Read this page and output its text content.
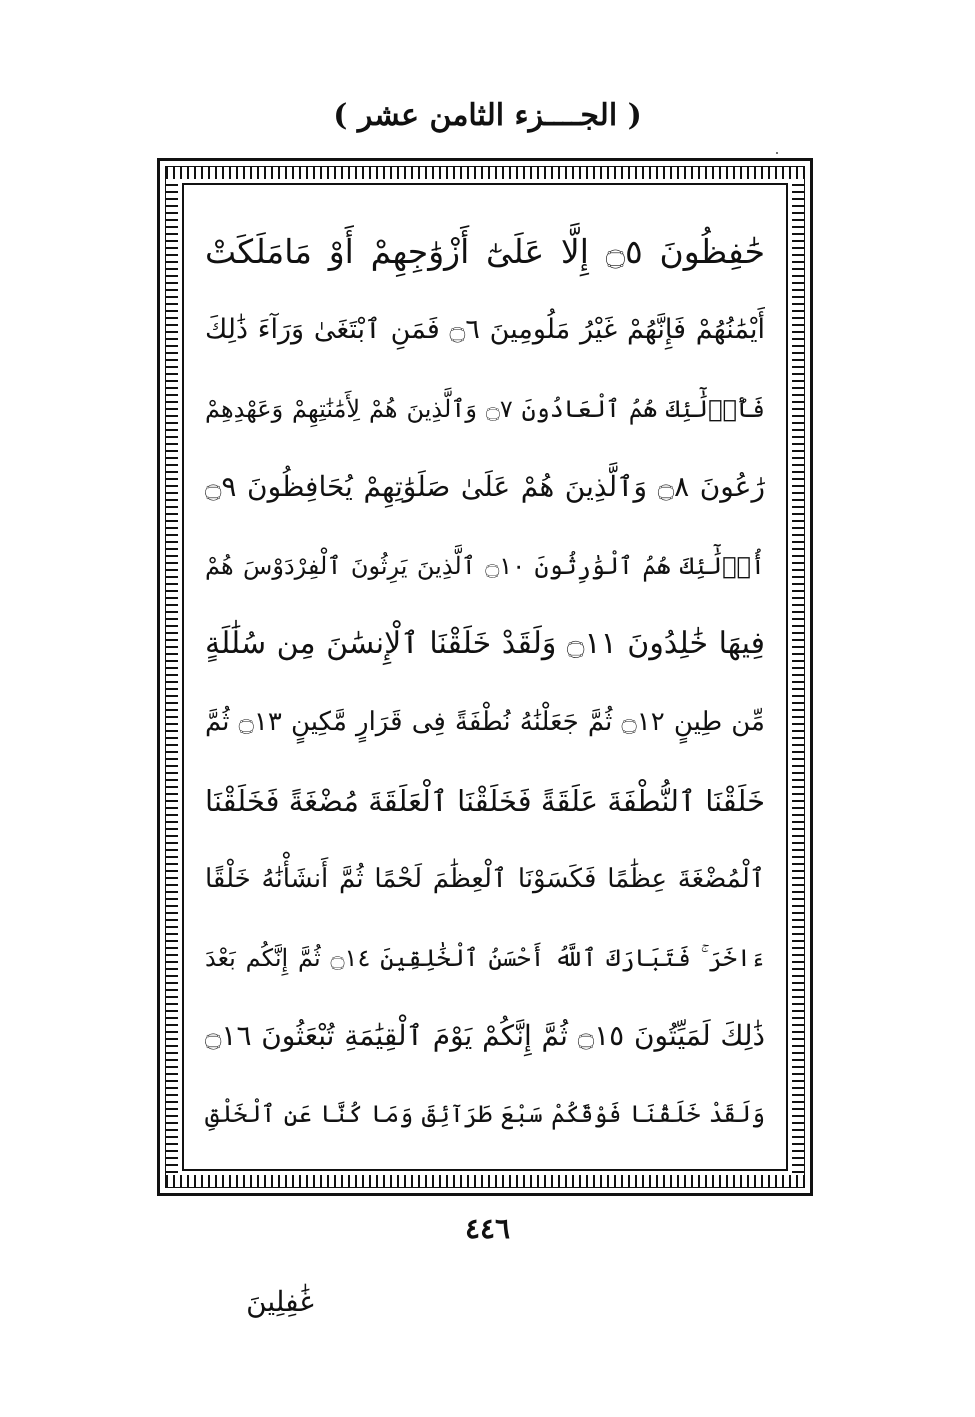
( الجــــزء الثامن عشر )
حَٰفِظُونَ ۝٥ إِلَّا عَلَىٰٓ أَزْوَٰجِهِمْ أَوْ مَامَلَكَتْ
أَيْمَٰنُهُمْ فَإِنَّهُمْ غَيْرُ مَلُومِينَ ۝٦ فَمَنِ ٱبْتَغَىٰ وَرَآءَ ذَٰلِكَ
فَأُو۟لَٰٓئِكَ هُمُ ٱلْعَادُونَ ۝٧ وَٱلَّذِينَ هُمْ لِأَمَٰنَٰتِهِمْ وَعَهْدِهِمْ
رَٰعُونَ ۝٨ وَٱلَّذِينَ هُمْ عَلَىٰ صَلَوَٰتِهِمْ يُحَافِظُونَ ۝٩
أُو۟لَٰٓئِكَ هُمُ ٱلْوَٰرِثُونَ ۝١٠ ٱلَّذِينَ يَرِثُونَ ٱلْفِرْدَوْسَ هُمْ
فِيهَا خَٰلِدُونَ ۝١١ وَلَقَدْ خَلَقْنَا ٱلْإِنسَٰنَ مِن سُلَٰلَةٍ
مِّن طِينٍ ۝١٢ ثُمَّ جَعَلْنَٰهُ نُطْفَةً فِى قَرَارٍ مَّكِينٍ ۝١٣ ثُمَّ
خَلَقْنَا ٱلنُّطْفَةَ عَلَقَةً فَخَلَقْنَا ٱلْعَلَقَةَ مُضْغَةً فَخَلَقْنَا
ٱلْمُضْغَةَ عِظَٰمًا فَكَسَوْنَا ٱلْعِظَٰمَ لَحْمًا ثُمَّ أَنشَأْنَٰهُ خَلْقًا
ءَاخَرَ ۚ فَتَبَارَكَ ٱللَّهُ أَحْسَنُ ٱلْخَٰلِقِينَ ۝١٤ ثُمَّ إِنَّكُم بَعْدَ
ذَٰلِكَ لَمَيِّتُونَ ۝١٥ ثُمَّ إِنَّكُمْ يَوْمَ ٱلْقِيَٰمَةِ تُبْعَثُونَ ۝١٦
وَلَقَدْ خَلَقْنَا فَوْقَكُمْ سَبْعَ طَرَآئِقَ وَمَا كُنَّا عَنِ ٱلْخَلْقِ
٤٤٦
غَٰفِلِينَ
